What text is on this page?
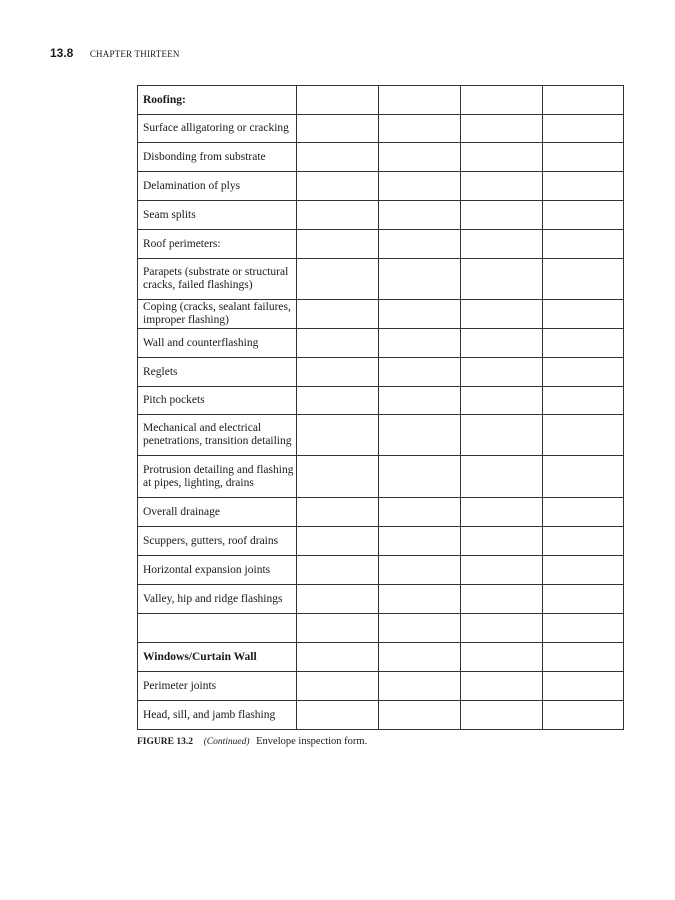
13.8 CHAPTER THIRTEEN
Roofing:				
Surface alligatoring or cracking				
Disbonding from substrate				
Delamination of plys				
Seam splits				
Roof perimeters:				
Parapets (substrate or structural cracks, failed flashings)				
Coping (cracks, sealant failures, improper flashing)				
Wall and counterflashing				
Reglets				
Pitch pockets				
Mechanical and electrical penetrations, transition detailing				
Protrusion detailing and flashing at pipes, lighting, drains				
Overall drainage				
Scuppers, gutters, roof drains				
Horizontal expansion joints				
Valley, hip and ridge flashings				

Windows/Curtain Wall				
Perimeter joints				
Head, sill, and jamb flashing				
FIGURE 13.2 (Continued) Envelope inspection form.
